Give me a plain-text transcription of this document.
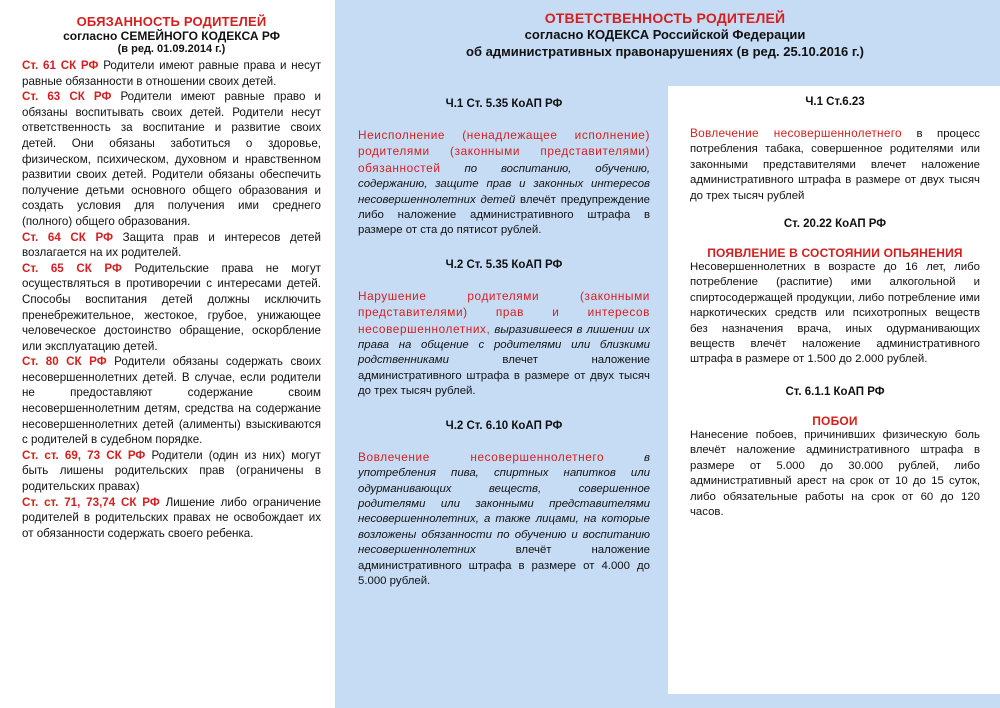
ОБЯЗАННОСТЬ РОДИТЕЛЕЙ
согласно СЕМЕЙНОГО КОДЕКСА РФ
(в ред. 01.09.2014 г.)

Ст. 61 СК РФ Родители имеют равные права и несут равные обязанности в отношении своих детей.

Ст. 63 СК РФ Родители имеют равные право и обязаны воспитывать своих детей. Родители несут ответственность за воспитание и развитие своих детей. Они обязаны заботиться о здоровье, физическом, психическом, духовном и нравственном развитии своих детей. Родители обязаны обеспечить получение детьми основного общего образования и создать условия для получения ими среднего (полного) общего образования.

Ст. 64 СК РФ Защита прав и интересов детей возлагается на их родителей.

Ст. 65 СК РФ Родительские права не могут осуществляться в противоречии с интересами детей. Способы воспитания детей должны исключить пренебрежительное, жестокое, грубое, унижающее человеческое достоинство обращение, оскорбление или эксплуатацию детей.

Ст. 80 СК РФ Родители обязаны содержать своих несовершеннолетних детей. В случае, если родители не предоставляют содержание своим несовершеннолетним детям, средства на содержание несовершеннолетних детей (алименты) взыскиваются с родителей в судебном порядке.

Ст. ст. 69, 73 СК РФ Родители (один из них) могут быть лишены родительских прав (ограничены в родительских правах)

Ст. ст. 71, 73,74 СК РФ Лишение либо ограничение родителей в родительских правах не освобождает их от обязанности содержать своего ребенка.

ОТВЕТСТВЕННОСТЬ РОДИТЕЛЕЙ
согласно КОДЕКСА Российской Федерации
об административных правонарушениях (в ред. 25.10.2016 г.)

Ч.1 Ст. 5.35 КоАП РФ

Неисполнение (ненадлежащее исполнение) родителями (законными представителями) обязанностей по воспитанию, обучению, содержанию, защите прав и законных интересов несовершеннолетних детей влечёт предупреждение либо наложение административного штрафа в размере от ста до пятисот рублей.

Ч.2 Ст. 5.35 КоАП РФ

Нарушение родителями (законными представителями) прав и интересов несовершеннолетних, выразившееся в лишении их права на общение с родителями или близкими родственниками влечет наложение административного штрафа в размере от двух тысяч до трех тысяч рублей.

Ч.2 Ст. 6.10 КоАП РФ

Вовлечение несовершеннолетнего в употребления пива, спиртных напитков или одурманивающих веществ, совершенное родителями или законными представителями несовершеннолетних, а также лицами, на которые возложены обязанности по обучению и воспитанию несовершеннолетних влечёт наложение административного штрафа в размере от 4.000 до 5.000 рублей.

Ч.1 Ст.6.23

Вовлечение несовершеннолетнего в процесс потребления табака, совершенное родителями или законными представителями влечет наложение административного штрафа в размере от двух тысяч до трех тысяч рублей

Ст. 20.22 КоАП РФ

ПОЯВЛЕНИЕ В СОСТОЯНИИ ОПЬЯНЕНИЯ

Несовершеннолетних в возрасте до 16 лет, либо потребление (распитие) ими алкогольной и спиртосодержащей продукции, либо потребление ими наркотических средств или психотропных веществ без назначения врача, иных одурманивающих веществ влечёт наложение административного штрафа в размере от 1.500 до 2.000 рублей.

Ст. 6.1.1 КоАП РФ

ПОБОИ

Нанесение побоев, причинивших физическую боль влечёт наложение административного штрафа в размере от 5.000 до 30.000 рублей, либо административный арест на срок от 10 до 15 суток, либо обязательные работы на срок от 60 до 120 часов.
